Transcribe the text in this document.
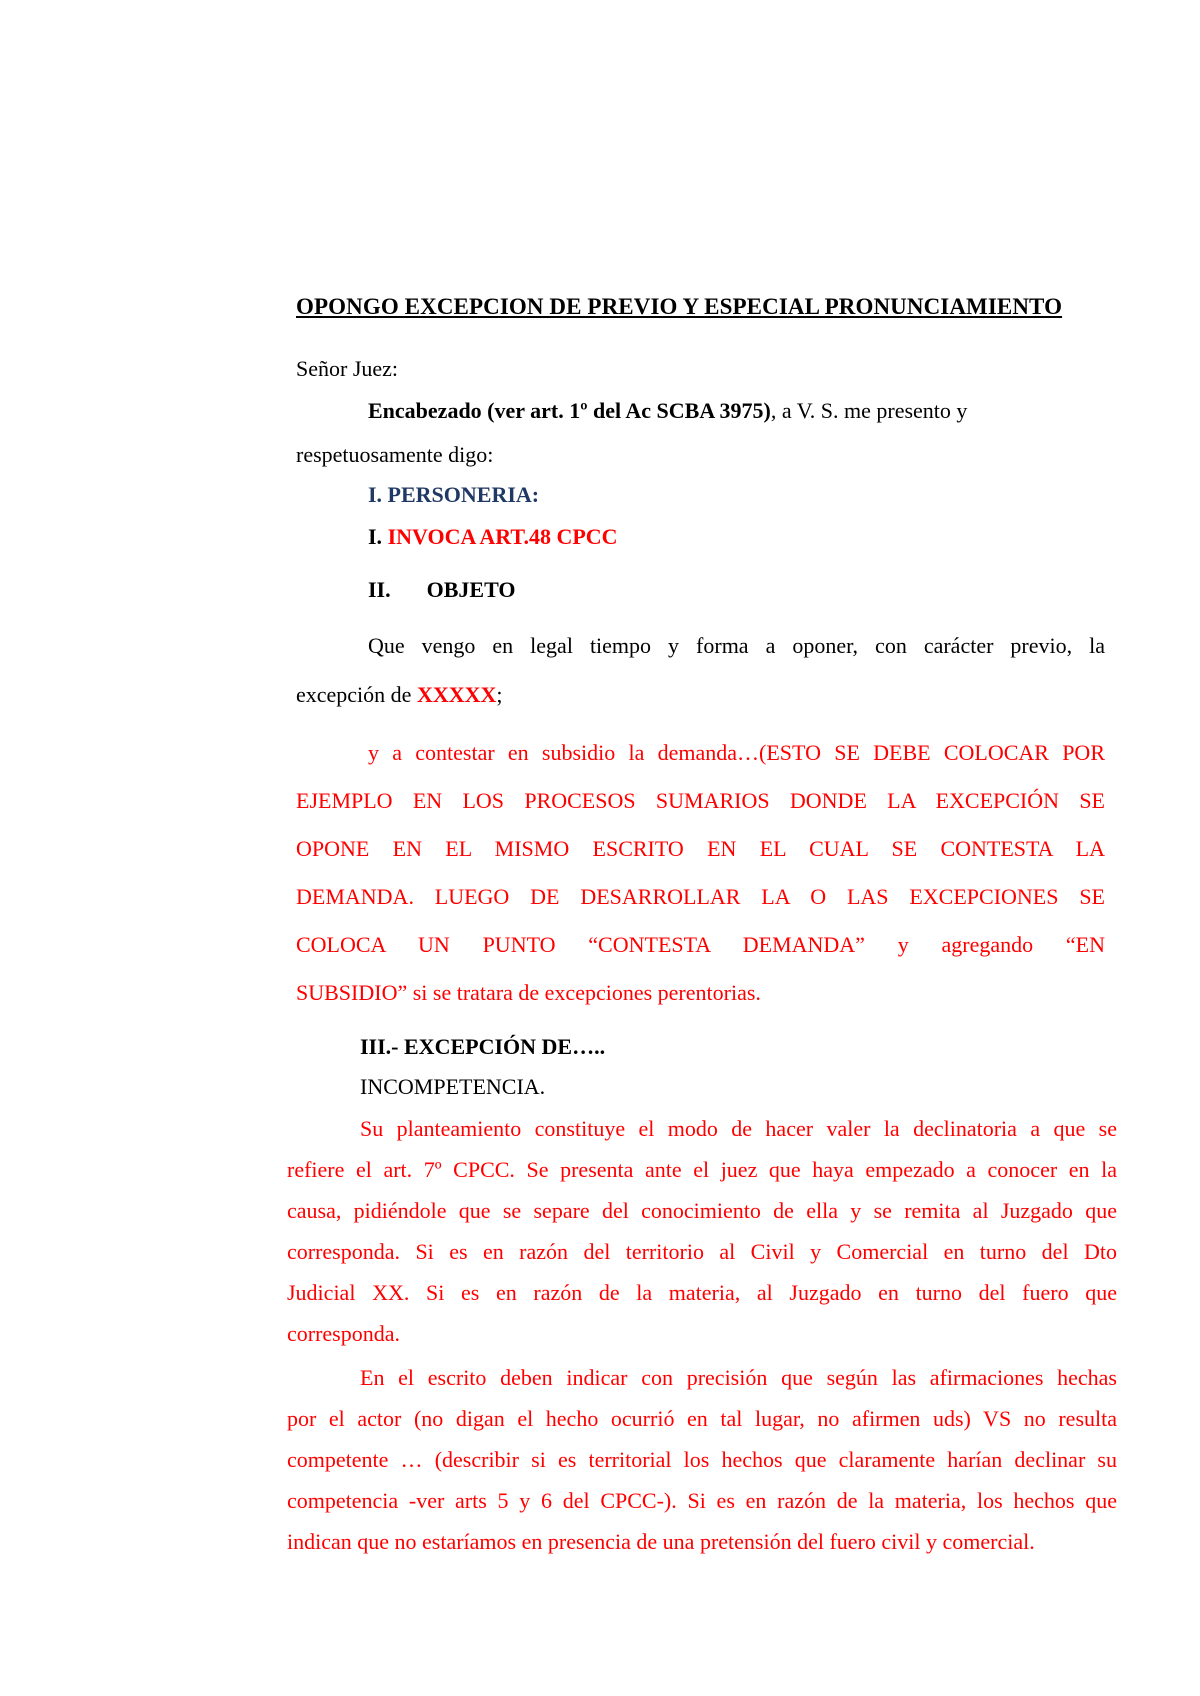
OPONGO EXCEPCION DE PREVIO Y ESPECIAL PRONUNCIAMIENTO
Señor Juez:
Encabezado (ver art. 1º del Ac SCBA 3975), a V. S. me presento y
respetuosamente digo:
I. PERSONERIA:
I. INVOCA ART.48 CPCC
II. OBJETO
Que vengo en legal tiempo y forma a oponer, con carácter previo, la
excepción de XXXXX;
y a contestar en subsidio la demanda…(ESTO SE DEBE COLOCAR POR
EJEMPLO EN LOS PROCESOS SUMARIOS DONDE LA EXCEPCIÓN SE
OPONE EN EL MISMO ESCRITO EN EL CUAL SE CONTESTA LA
DEMANDA. LUEGO DE DESARROLLAR LA O LAS EXCEPCIONES SE
COLOCA UN PUNTO “CONTESTA DEMANDA” y agregando “EN
SUBSIDIO” si se tratara de excepciones perentorias.
III.- EXCEPCIÓN DE…..
INCOMPETENCIA.
Su planteamiento constituye el modo de hacer valer la declinatoria a que se
refiere el art. 7º CPCC. Se presenta ante el juez que haya empezado a conocer en la
causa, pidiéndole que se separe del conocimiento de ella y se remita al Juzgado que
corresponda. Si es en razón del territorio al Civil y Comercial en turno del Dto
Judicial XX. Si es en razón de la materia, al Juzgado en turno del fuero que
corresponda.
En el escrito deben indicar con precisión que según las afirmaciones hechas
por el actor (no digan el hecho ocurrió en tal lugar, no afirmen uds) VS no resulta
competente … (describir si es territorial los hechos que claramente harían declinar su
competencia -ver arts 5 y 6 del CPCC-). Si es en razón de la materia, los hechos que
indican que no estaríamos en presencia de una pretensión del fuero civil y comercial.
